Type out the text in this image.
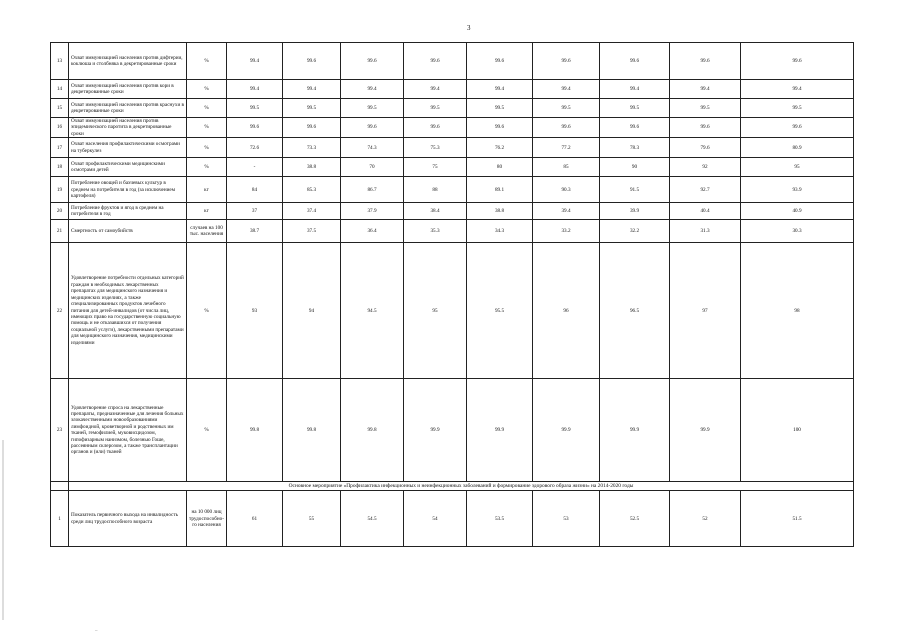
3
13	Охват иммунизацией населения против дифтерии, коклюша и столбняка в декретированные сроки	%	99.4	99.6	99.6	99.6	99.6	99.6	99.6	99.6	99.6
14	Охват иммунизацией населения против кори в декретированные сроки	%	99.4	99.4	99.4	99.4	99.4	99.4	99.4	99.4	99.4
15	Охват иммунизацией населения против краснухи в декретированные сроки	%	99.5	99.5	99.5	99.5	99.5	99.5	99.5	99.5	99.5
16	Охват иммунизацией населения против эпидемического паротита в декретированные сроки	%	99.6	99.6	99.6	99.6	99.6	99.6	99.6	99.6	99.6
17	Охват населения профилактическими осмотрами на туберкулез	%	72.6	73.3	74.3	75.3	76.2	77.2	78.3	79.6	80.9
18	Охват профилактическими медицинскими осмотрами детей	%	-	38.8	70	75	80	85	90	92	95
19	Потребление овощей и бахчевых культур в среднем на потребителя в год (за исключением картофеля)	кг	84	85.3	86.7	88	89.1	90.3	91.5	92.7	93.9
20	Потребление фруктов и ягод в среднем на потребителя в год	кг	37	37.4	37.9	38.4	38.8	39.4	39.9	40.4	40.9
21	Смертность от самоубийств	случаев на 100 тыс. населения	38.7	37.5	36.4	35.3	34.3	33.2	32.2	31.3	30.3
22	Удовлетворение потребности отдельных категорий граждан в необходимых лекарственных препаратах для медицинского назначения и медицинских изделиях, а также специализированных продуктов лечебного питания для детей-инвалидов (от числа лиц, имеющих право на государственную социальную помощь и не отказавшихся от получения социальной услуги), лекарственными препаратами для медицинского назначения, медицинскими изделиями	%	93	94	94.5	95	95.5	96	96.5	97	98
23	Удовлетворение спроса на лекарственные препараты, предназначенные для лечения больных злокачественными новообразованиями лимфоидной, кроветворной и родственных им тканей, гемофилией, муковисцидозом, гипофизарным нанизмом, болезнью Гоше, рассеянным склерозом, а также трансплантации органов и (или) тканей	%	99.8	99.8	99.8	99.9	99.9	99.9	99.9	99.9	100
	Основное мероприятие «Профилактика инфекционных и неинфекционных заболеваний и формирование здорового образа жизни» на 2014-2020 годы										
1	Показатель первичного выхода на инвалидность среди лиц трудоспособного возраста	на 10 000 лиц трудоспособно-го населения	61	55	54.5	54	53.5	53	52.5	52	51.5
–
